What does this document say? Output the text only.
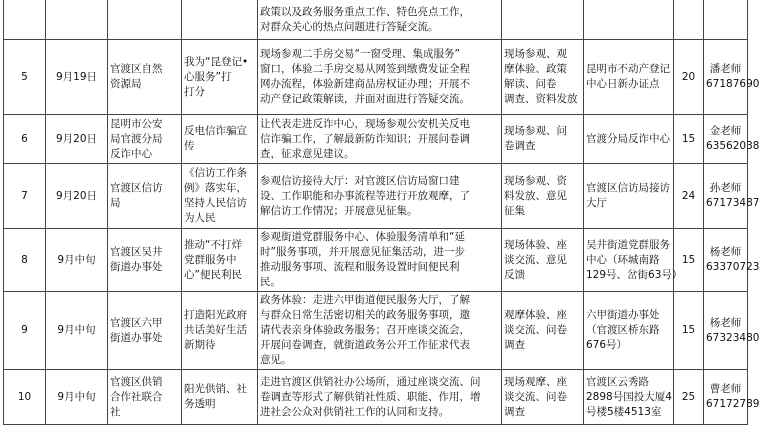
				政策以及政务服务重点工作、特色亮点工作，
对群众关心的热点问题进行答疑交流。				

5	9月19日	官渡区自然
资源局	我为“昆登记•
心服务”打
打分	现场参观二手房交易“一窗受理、集成服务”
窗口，体验二手房交易从网签到缴费发证全程
网办流程，体验新建商品房权证办理；开展不
动产登记政策解读，并面对面进行答疑交流。	现场参观、观
摩体验、政策
解读、问卷
调查、资料发放	昆明市不动产登记
中心日新办证点	20	潘老师
67187690

6	9月20日	昆明市公安
局官渡分局
反诈中心	反电信诈骗宣
传	让代表走进反诈中心，现场参观公安机关反电
信诈骗工作，了解最新防诈知识；开展问卷调
查，征求意见建议。	现场参观、问
卷调查	官渡分局反诈中心	15	金老师
63562038

7	9月20日	官渡区信访
局	《信访工作条
例》落实年，
坚持人民信访
为人民	参观信访接待大厅：对官渡区信访局窗口建
设、工作职能和办事流程等进行开放观摩，了
解信访工作情况；开展意见征集。	现场参观、资
料发放、意见
征集	官渡区信访局接访
大厅	24	孙老师
67173487

8	9月中旬	官渡区吴井
街道办事处	推动“不打烊
党群服务中
心”便民利民	参观街道党群服务中心、体验服务清单和“延
时”服务事项，并开展意见征集活动，进一步
推动服务事项、流程和服务设置时间便民利
民。	现场体验、座
谈交流、意见
反馈	吴井街道党群服务
中心（环城南路
129号、岔街63号）	15	杨老师
63370723

9	9月中旬	官渡区六甲
街道办事处	打造阳光政府
共话美好生活
新期待	政务体验：走进六甲街道便民服务大厅，了解
与群众日常生活密切相关的政务服务事项，邀
请代表亲身体验政务服务；召开座谈交流会，
开展问卷调查，就街道政务公开工作征求代表
意见。	观摩体验、座
谈交流、问卷
调查	六甲街道办事处
（官渡区桥东路
676号）	15	杨老师
67323480

10	9月中旬	官渡区供销
合作社联合
社	阳光供销、社
务透明	走进官渡区供销社办公场所，通过座谈交流、问
卷调查等形式了解供销社性质、职能、作用，增
进社会公众对供销社工作的认同和支持。	现场观摩、座
谈交流、问卷
调查	官渡区云秀路
2898号国投大厦4
号楼5楼4513室	25	曹老师
67172789
